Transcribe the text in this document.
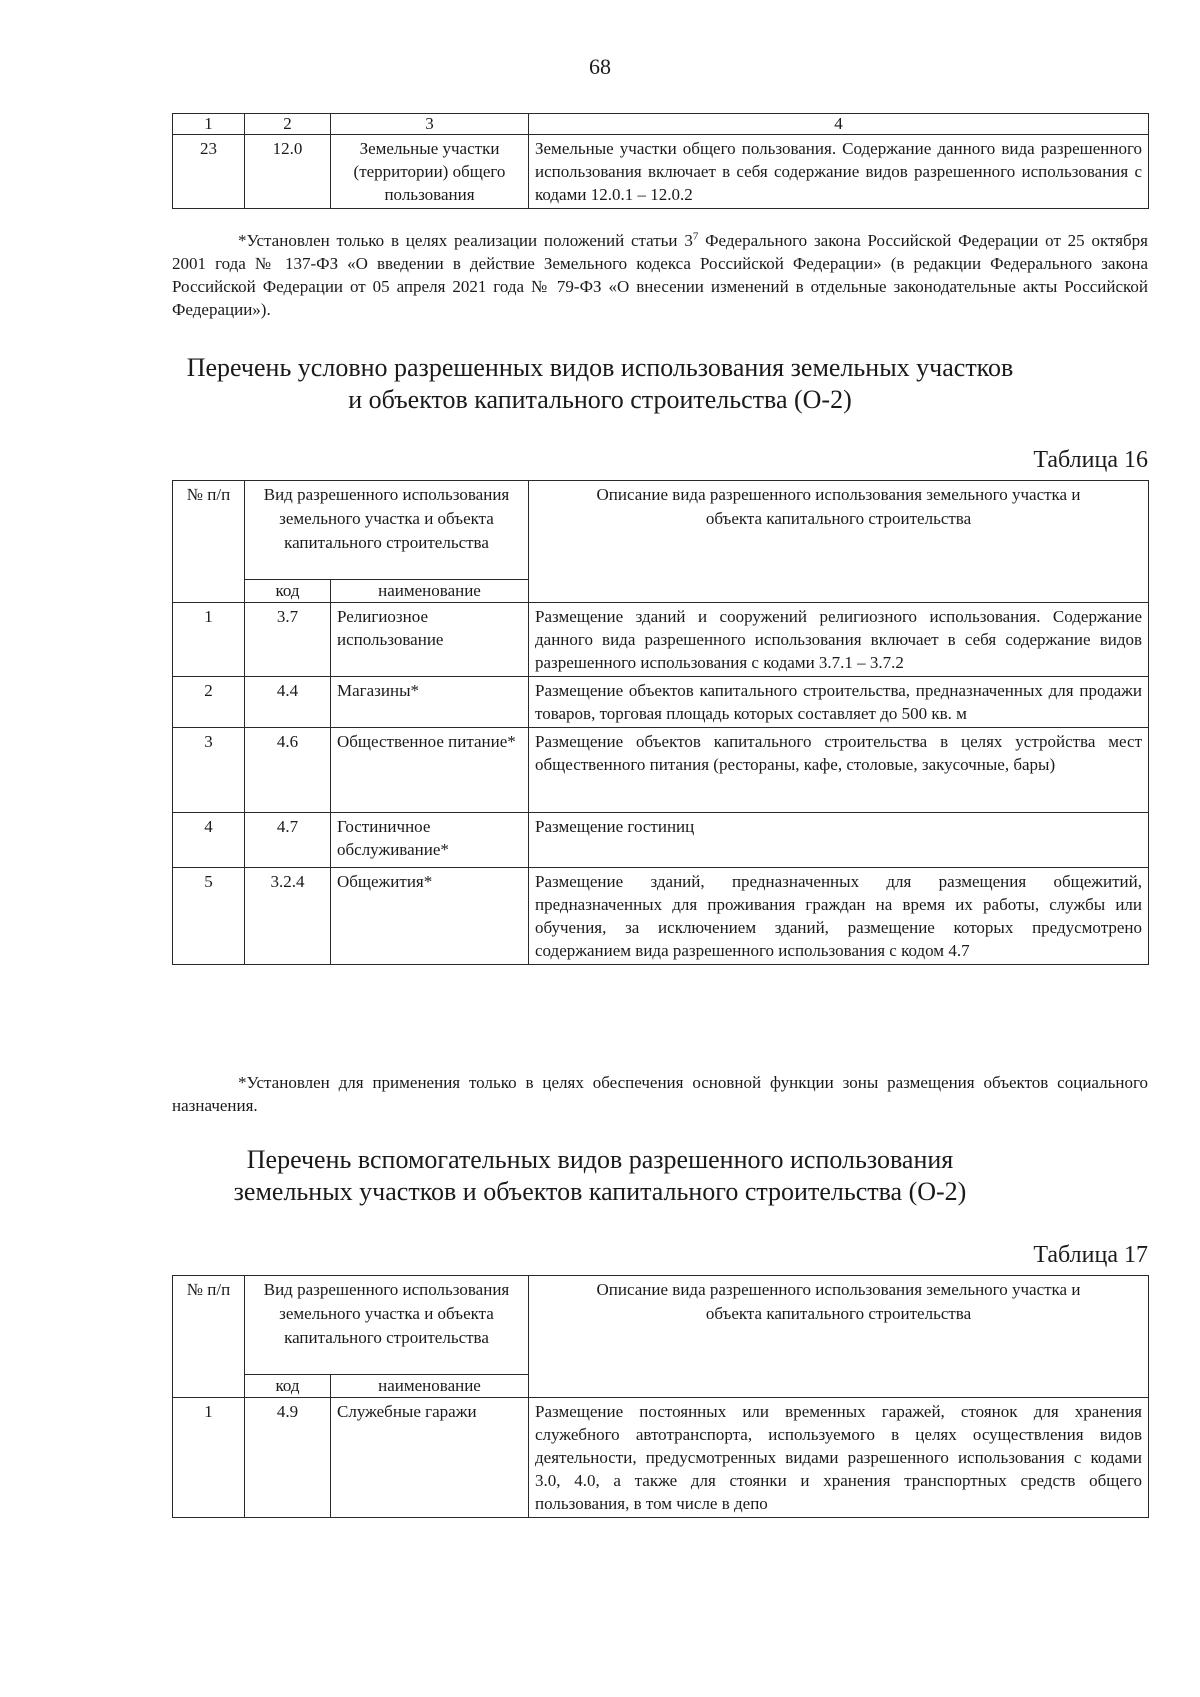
68
1	2	3	4
23	12.0	Земельные участки (территории) общего пользования	Земельные участки общего пользования. Содержание данного вида разрешенного использования включает в себя содержание видов разрешенного использования с кодами 12.0.1 – 12.0.2
*Установлен только в целях реализации положений статьи $3^7$ Федерального закона Российской Федерации от 25 октября 2001 года № 137-ФЗ «О введении в действие Земельного кодекса Российской Федерации» (в редакции Федерального закона Российской Федерации от 05 апреля 2021 года № 79-ФЗ «О внесении изменений в отдельные законодательные акты Российской Федерации»).
Перечень условно разрешенных видов использования земельных участков
и объектов капитального строительства (О-2)
Таблица 16
№ п/п	Вид разрешенного использования земельного участка и объекта капитального строительства		Описание вида разрешенного использования земельного участка и объекта капитального строительства
	код	наименование	
1	3.7	Религиозное использование	Размещение зданий и сооружений религиозного использования. Содержание данного вида разрешенного использования включает в себя содержание видов разрешенного использования с кодами 3.7.1 – 3.7.2
2	4.4	Магазины*	Размещение объектов капитального строительства, предназначенных для продажи товаров, торговая площадь которых составляет до 500 кв. м
3	4.6	Общественное питание*	Размещение объектов капитального строительства в целях устройства мест общественного питания (рестораны, кафе, столовые, закусочные, бары)
4	4.7	Гостиничное обслуживание*	Размещение гостиниц
5	3.2.4	Общежития*	Размещение зданий, предназначенных для размещения общежитий, предназначенных для проживания граждан на время их работы, службы или обучения, за исключением зданий, размещение которых предусмотрено содержанием вида разрешенного использования с кодом 4.7
*Установлен для применения только в целях обеспечения основной функции зоны размещения объектов социального назначения.
Перечень вспомогательных видов разрешенного использования
земельных участков и объектов капитального строительства (О-2)
Таблица 17
№ п/п	Вид разрешенного использования земельного участка и объекта капитального строительства		Описание вида разрешенного использования земельного участка и объекта капитального строительства
	код	наименование	
1	4.9	Служебные гаражи	Размещение постоянных или временных гаражей, стоянок для хранения служебного автотранспорта, используемого в целях осуществления видов деятельности, предусмотренных видами разрешенного использования с кодами 3.0, 4.0, а также для стоянки и хранения транспортных средств общего пользования, в том числе в депо
